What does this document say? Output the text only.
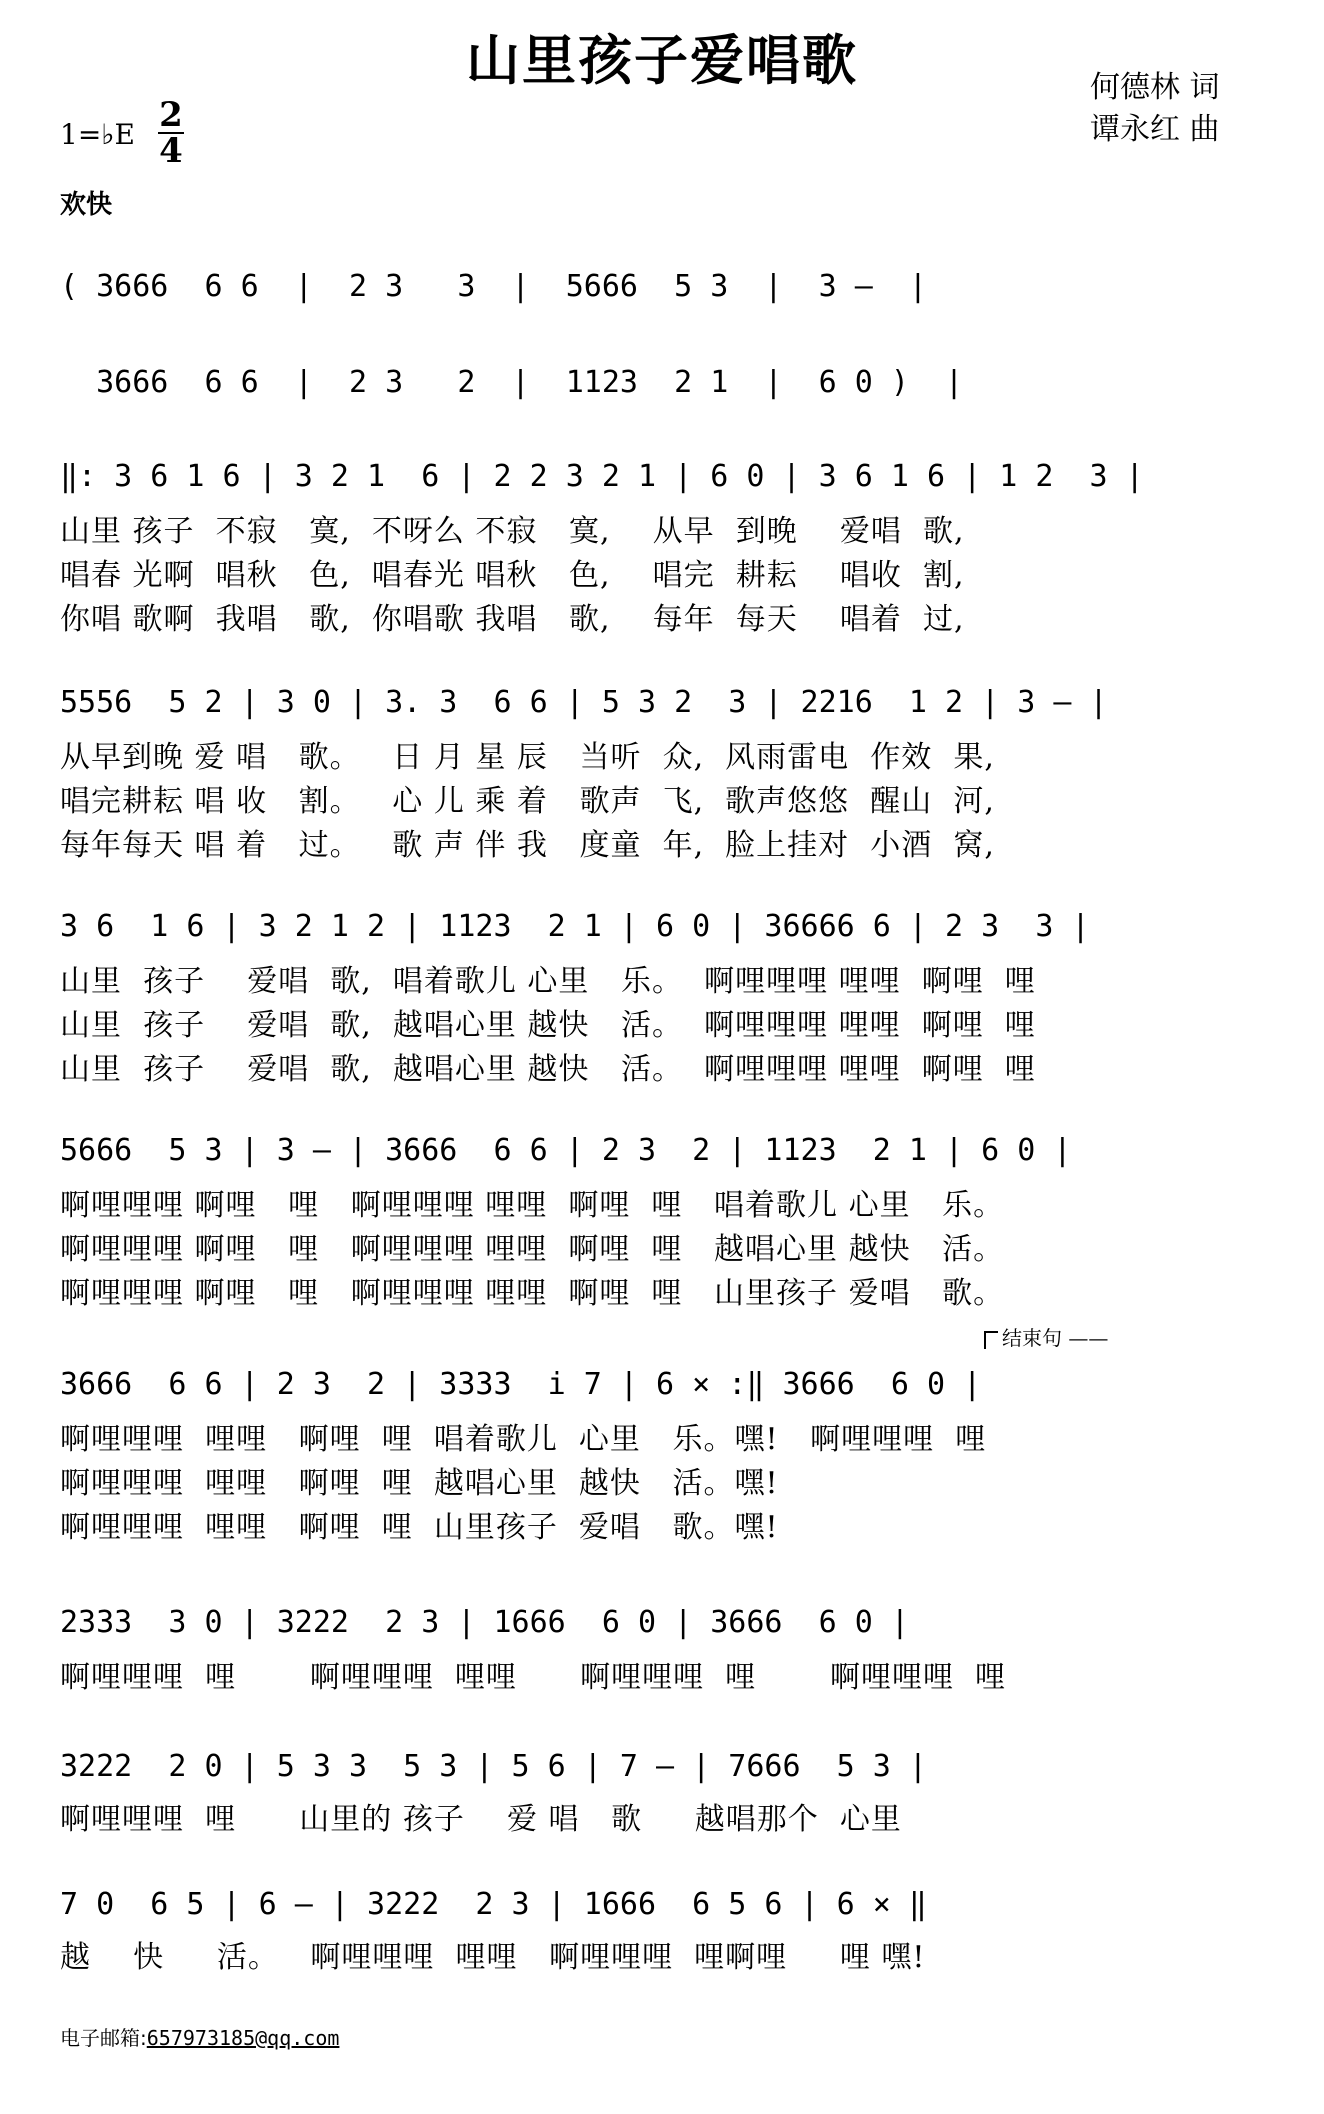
山里孩子爱唱歌	何德林 词
谭永红 曲
1=♭E 2
4
欢快
( 3666  6 6  |  2 3   3  |  5666  5 3  |  3 –  |
3666  6 6  |  2 3   2  |  1123  2 1  |  6 0 )  |
‖: 3 6 1 6 | 3 2 1  6 | 2 2 3 2 1 | 6 0 | 3 6 1 6 | 1 2  3 |
山里 孩子  不寂   寞,  不呀么 不寂   寞,    从早  到晚    爱唱  歌,
唱春 光啊  唱秋   色,  唱春光 唱秋   色,    唱完  耕耘    唱收  割,
你唱 歌啊  我唱   歌,  你唱歌 我唱   歌,    每年  每天    唱着  过,
5556  5 2 | 3 0 | 3. 3  6 6 | 5 3 2  3 | 2216  1 2 | 3 – |
从早到晚 爱 唱   歌。   日 月 星 辰   当听  众,  风雨雷电  作效  果,
唱完耕耘 唱 收   割。   心 儿 乘 着   歌声  飞,  歌声悠悠  醒山  河,
每年每天 唱 着   过。   歌 声 伴 我   度童  年,  脸上挂对  小酒  窝,
3 6  1 6 | 3 2 1 2 | 1123  2 1 | 6 0 | 36666 6 | 2 3  3 |
山里  孩子    爱唱  歌,  唱着歌儿 心里   乐。  啊哩哩哩 哩哩  啊哩  哩
山里  孩子    爱唱  歌,  越唱心里 越快   活。  啊哩哩哩 哩哩  啊哩  哩
山里  孩子    爱唱  歌,  越唱心里 越快   活。  啊哩哩哩 哩哩  啊哩  哩
5666  5 3 | 3 – | 3666  6 6 | 2 3  2 | 1123  2 1 | 6 0 |
啊哩哩哩 啊哩   哩   啊哩哩哩 哩哩  啊哩  哩   唱着歌儿 心里   乐。
啊哩哩哩 啊哩   哩   啊哩哩哩 哩哩  啊哩  哩   越唱心里 越快   活。
啊哩哩哩 啊哩   哩   啊哩哩哩 哩哩  啊哩  哩   山里孩子 爱唱   歌。
结束句 ——
3666  6 6 | 2 3  2 | 3333  i 7 | 6 × :‖ 3666  6 0 |
啊哩哩哩  哩哩   啊哩  哩  唱着歌儿  心里   乐。嘿!   啊哩哩哩  哩
啊哩哩哩  哩哩   啊哩  哩  越唱心里  越快   活。嘿!
啊哩哩哩  哩哩   啊哩  哩  山里孩子  爱唱   歌。嘿!
2333  3 0 | 3222  2 3 | 1666  6 0 | 3666  6 0 |
啊哩哩哩  哩       啊哩哩哩  哩哩      啊哩哩哩  哩       啊哩哩哩  哩
3222  2 0 | 5 3 3  5 3 | 5 6 | 7 – | 7666  5 3 |
啊哩哩哩  哩      山里的 孩子    爱 唱   歌     越唱那个  心里
7 0  6 5 | 6 – | 3222  2 3 | 1666  6 5 6 | 6 × ‖
越    快     活。   啊哩哩哩  哩哩   啊哩哩哩  哩啊哩     哩 嘿!
电子邮箱:657973185@qq.com
